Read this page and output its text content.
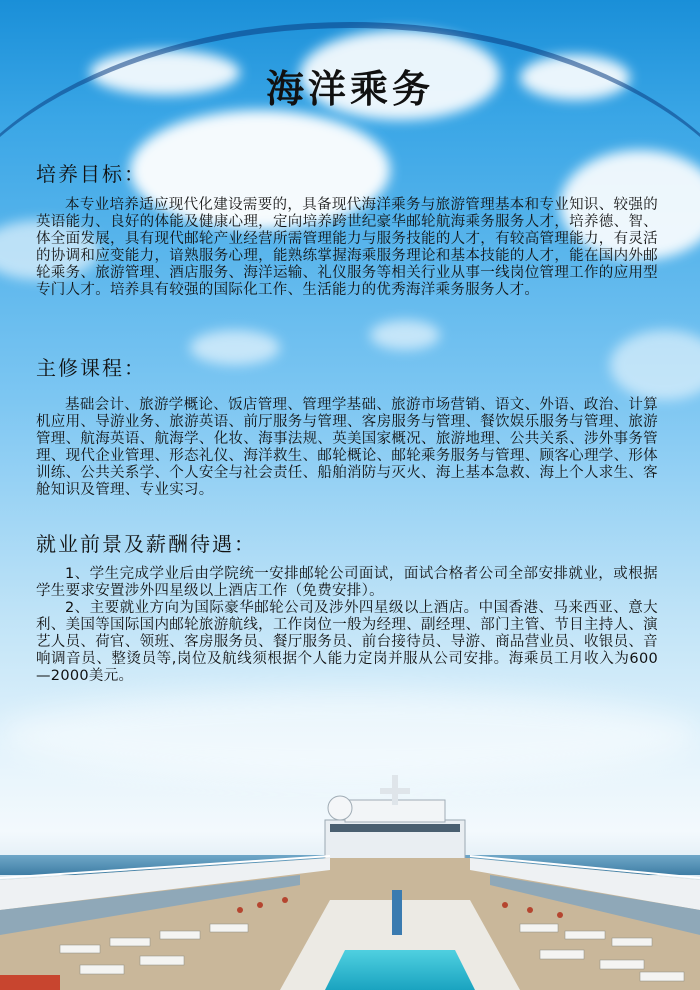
海洋乘务
培养目标：

本专业培养适应现代化建设需要的，具备现代海洋乘务与旅游管理基本和专业知识、较强的英语能力、良好的体能及健康心理，定向培养跨世纪豪华邮轮航海乘务服务人才，培养德、智、体全面发展，具有现代邮轮产业经营所需管理能力与服务技能的人才，有较高管理能力，有灵活的协调和应变能力，谙熟服务心理，能熟练掌握海乘服务理论和基本技能的人才，能在国内外邮轮乘务、旅游管理、酒店服务、海洋运输、礼仪服务等相关行业从事一线岗位管理工作的应用型专门人才。培养具有较强的国际化工作、生活能力的优秀海洋乘务服务人才。

主修课程：

基础会计、旅游学概论、饭店管理、管理学基础、旅游市场营销、语文、外语、政治、计算机应用、导游业务、旅游英语、前厅服务与管理、客房服务与管理、餐饮娱乐服务与管理、旅游管理、航海英语、航海学、化妆、海事法规、英美国家概况、旅游地理、公共关系、涉外事务管理、现代企业管理、形态礼仪、海洋救生、邮轮概论、邮轮乘务服务与管理、顾客心理学、形体训练、公共关系学、个人安全与社会责任、船舶消防与灭火、海上基本急救、海上个人求生、客舱知识及管理、专业实习。

就业前景及薪酬待遇：

1、学生完成学业后由学院统一安排邮轮公司面试，面试合格者公司全部安排就业，或根据学生要求安置涉外四星级以上酒店工作（免费安排）。

2、主要就业方向为国际豪华邮轮公司及涉外四星级以上酒店。中国香港、马来西亚、意大利、美国等国际国内邮轮旅游航线，工作岗位一般为经理、副经理、部门主管、节目主持人、演艺人员、荷官、领班、客房服务员、餐厅服务员、前台接待员、导游、商品营业员、收银员、音响调音员、整烫员等,岗位及航线须根据个人能力定岗并服从公司安排。海乘员工月收入为600—2000美元。
